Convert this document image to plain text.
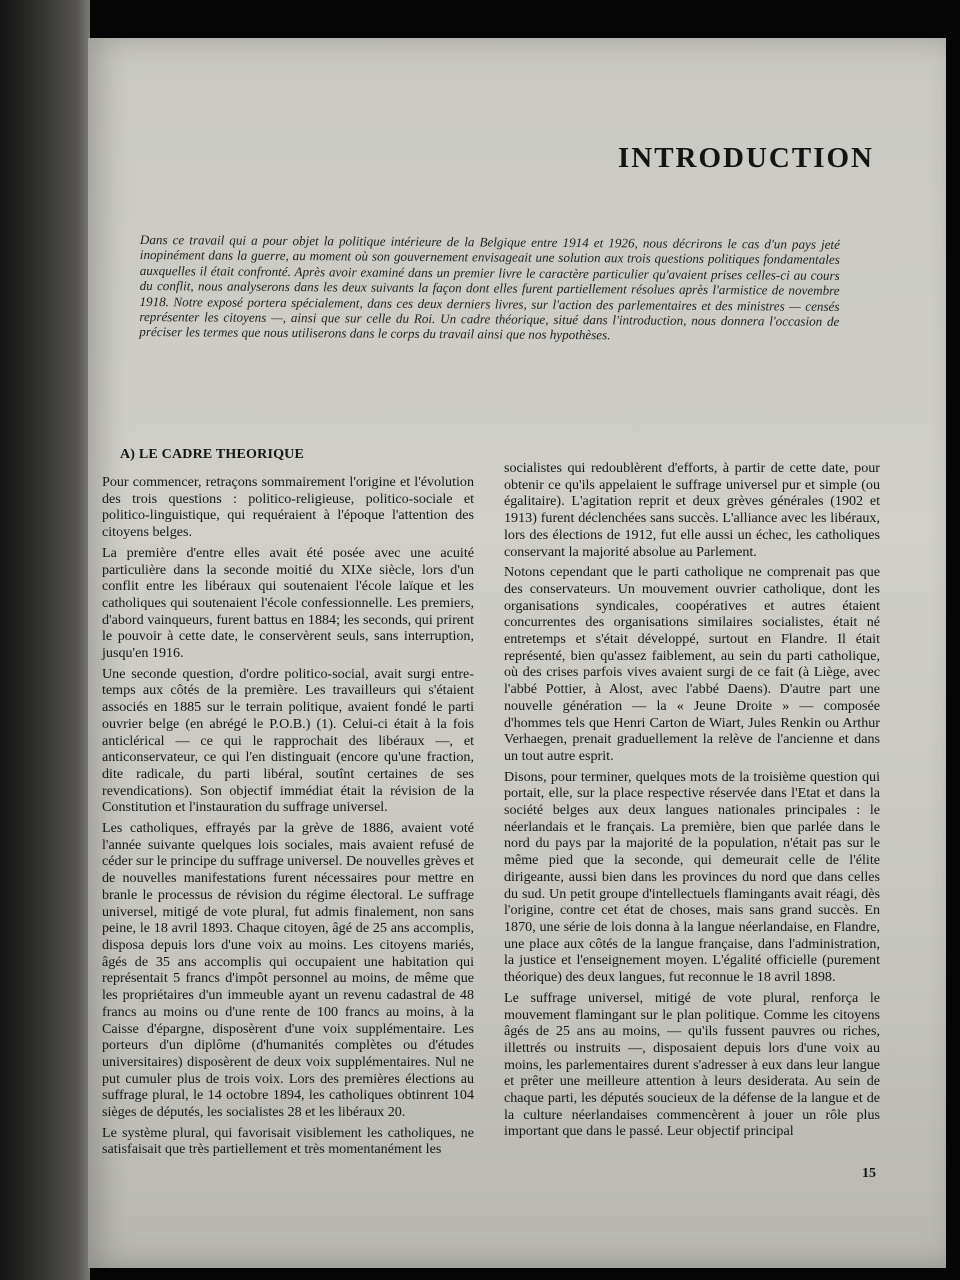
INTRODUCTION

Dans ce travail qui a pour objet la politique intérieure de la Belgique entre 1914 et 1926, nous décrirons le cas d'un pays jeté inopinément dans la guerre, au moment où son gouvernement envisageait une solution aux trois questions politiques fondamentales auxquelles il était confronté. Après avoir examiné dans un premier livre le caractère particulier qu'avaient prises celles-ci au cours du conflit, nous analyserons dans les deux suivants la façon dont elles furent partiellement résolues après l'armistice de novembre 1918. Notre exposé portera spécialement, dans ces deux derniers livres, sur l'action des parlementaires et des ministres — censés représenter les citoyens —, ainsi que sur celle du Roi. Un cadre théorique, situé dans l'introduction, nous donnera l'occasion de préciser les termes que nous utiliserons dans le corps du travail ainsi que nos hypothèses.

A) LE CADRE THEORIQUE

Pour commencer, retraçons sommairement l'origine et l'évolution des trois questions : politico-religieuse, politico-sociale et politico-linguistique, qui requéraient à l'époque l'attention des citoyens belges.

La première d'entre elles avait été posée avec une acuité particulière dans la seconde moitié du XIXe siècle, lors d'un conflit entre les libéraux qui soutenaient l'école laïque et les catholiques qui soutenaient l'école confessionnelle. Les premiers, d'abord vainqueurs, furent battus en 1884; les seconds, qui prirent le pouvoir à cette date, le conservèrent seuls, sans interruption, jusqu'en 1916.

Une seconde question, d'ordre politico-social, avait surgi entre-temps aux côtés de la première. Les travailleurs qui s'étaient associés en 1885 sur le terrain politique, avaient fondé le parti ouvrier belge (en abrégé le P.O.B.) (1). Celui-ci était à la fois anticlérical — ce qui le rapprochait des libéraux —, et anticonservateur, ce qui l'en distinguait (encore qu'une fraction, dite radicale, du parti libéral, soutînt certaines de ses revendications). Son objectif immédiat était la révision de la Constitution et l'instauration du suffrage universel.

Les catholiques, effrayés par la grève de 1886, avaient voté l'année suivante quelques lois sociales, mais avaient refusé de céder sur le principe du suffrage universel. De nouvelles grèves et de nouvelles manifestations furent nécessaires pour mettre en branle le processus de révision du régime électoral. Le suffrage universel, mitigé de vote plural, fut admis finalement, non sans peine, le 18 avril 1893. Chaque citoyen, âgé de 25 ans accomplis, disposa depuis lors d'une voix au moins. Les citoyens mariés, âgés de 35 ans accomplis qui occupaient une habitation qui représentait 5 francs d'impôt personnel au moins, de même que les propriétaires d'un immeuble ayant un revenu cadastral de 48 francs au moins ou d'une rente de 100 francs au moins, à la Caisse d'épargne, disposèrent d'une voix supplémentaire. Les porteurs d'un diplôme (d'humanités complètes ou d'études universitaires) disposèrent de deux voix supplémentaires. Nul ne put cumuler plus de trois voix. Lors des premières élections au suffrage plural, le 14 octobre 1894, les catholiques obtinrent 104 sièges de députés, les socialistes 28 et les libéraux 20.

Le système plural, qui favorisait visiblement les catholiques, ne satisfaisait que très partiellement et très momentanément les

socialistes qui redoublèrent d'efforts, à partir de cette date, pour obtenir ce qu'ils appelaient le suffrage universel pur et simple (ou égalitaire). L'agitation reprit et deux grèves générales (1902 et 1913) furent déclenchées sans succès. L'alliance avec les libéraux, lors des élections de 1912, fut elle aussi un échec, les catholiques conservant la majorité absolue au Parlement.

Notons cependant que le parti catholique ne comprenait pas que des conservateurs. Un mouvement ouvrier catholique, dont les organisations syndicales, coopératives et autres étaient concurrentes des organisations similaires socialistes, était né entretemps et s'était développé, surtout en Flandre. Il était représenté, bien qu'assez faiblement, au sein du parti catholique, où des crises parfois vives avaient surgi de ce fait (à Liège, avec l'abbé Pottier, à Alost, avec l'abbé Daens). D'autre part une nouvelle génération — la « Jeune Droite » — composée d'hommes tels que Henri Carton de Wiart, Jules Renkin ou Arthur Verhaegen, prenait graduellement la relève de l'ancienne et dans un tout autre esprit.

Disons, pour terminer, quelques mots de la troisième question qui portait, elle, sur la place respective réservée dans l'Etat et dans la société belges aux deux langues nationales principales : le néerlandais et le français. La première, bien que parlée dans le nord du pays par la majorité de la population, n'était pas sur le même pied que la seconde, qui demeurait celle de l'élite dirigeante, aussi bien dans les provinces du nord que dans celles du sud. Un petit groupe d'intellectuels flamingants avait réagi, dès l'origine, contre cet état de choses, mais sans grand succès. En 1870, une série de lois donna à la langue néerlandaise, en Flandre, une place aux côtés de la langue française, dans l'administration, la justice et l'enseignement moyen. L'égalité officielle (purement théorique) des deux langues, fut reconnue le 18 avril 1898.

Le suffrage universel, mitigé de vote plural, renforça le mouvement flamingant sur le plan politique. Comme les citoyens âgés de 25 ans au moins, — qu'ils fussent pauvres ou riches, illettrés ou instruits —, disposaient depuis lors d'une voix au moins, les parlementaires durent s'adresser à eux dans leur langue et prêter une meilleure attention à leurs desiderata. Au sein de chaque parti, les députés soucieux de la défense de la langue et de la culture néerlandaises commencèrent à jouer un rôle plus important que dans le passé. Leur objectif principal

15
